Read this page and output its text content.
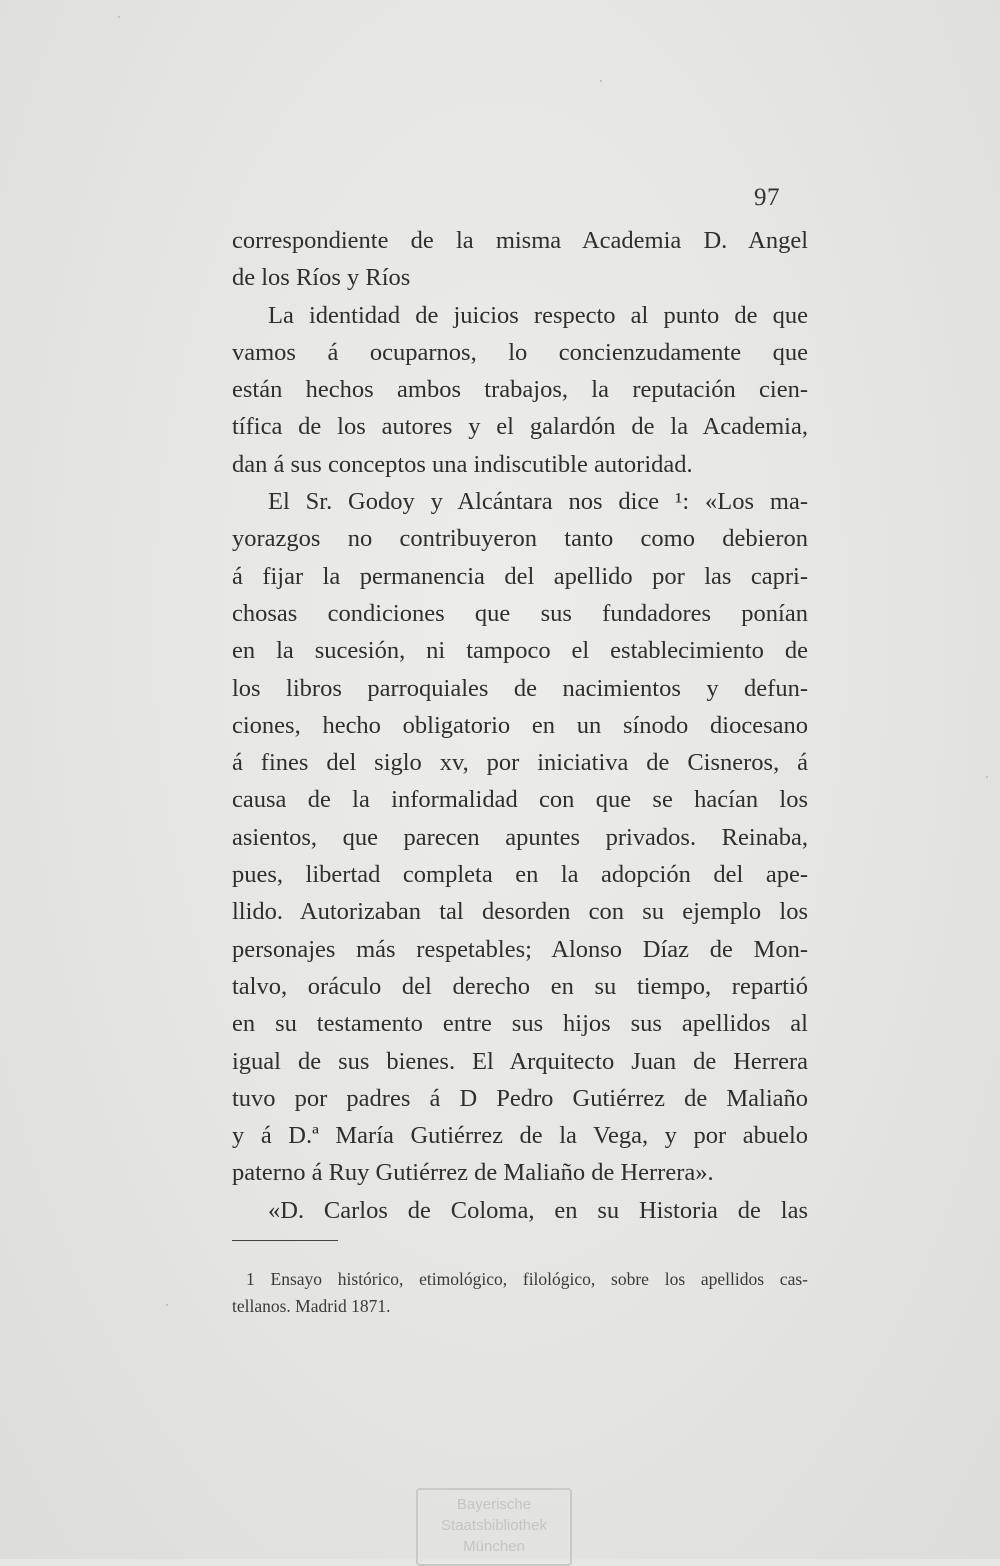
97
correspondiente de la misma Academia D. Angel
de los Ríos y Ríos
La identidad de juicios respecto al punto de que
vamos á ocuparnos, lo concienzudamente que
están hechos ambos trabajos, la reputación cien-
tífica de los autores y el galardón de la Academia,
dan á sus conceptos una indiscutible autoridad.
El Sr. Godoy y Alcántara nos dice ¹: «Los ma-
yorazgos no contribuyeron tanto como debieron
á fijar la permanencia del apellido por las capri-
chosas condiciones que sus fundadores ponían
en la sucesión, ni tampoco el establecimiento de
los libros parroquiales de nacimientos y defun-
ciones, hecho obligatorio en un sínodo diocesano
á fines del siglo xv, por iniciativa de Cisneros, á
causa de la informalidad con que se hacían los
asientos, que parecen apuntes privados. Reinaba,
pues, libertad completa en la adopción del ape-
llido. Autorizaban tal desorden con su ejemplo los
personajes más respetables; Alonso Díaz de Mon-
talvo, oráculo del derecho en su tiempo, repartió
en su testamento entre sus hijos sus apellidos al
igual de sus bienes. El Arquitecto Juan de Herrera
tuvo por padres á D Pedro Gutiérrez de Maliaño
y á D.ª María Gutiérrez de la Vega, y por abuelo
paterno á Ruy Gutiérrez de Maliaño de Herrera».
«D. Carlos de Coloma, en su Historia de las
1 Ensayo histórico, etimológico, filológico, sobre los apellidos cas-
tellanos. Madrid 1871.
Bayerische
Staatsbibliothek
München
